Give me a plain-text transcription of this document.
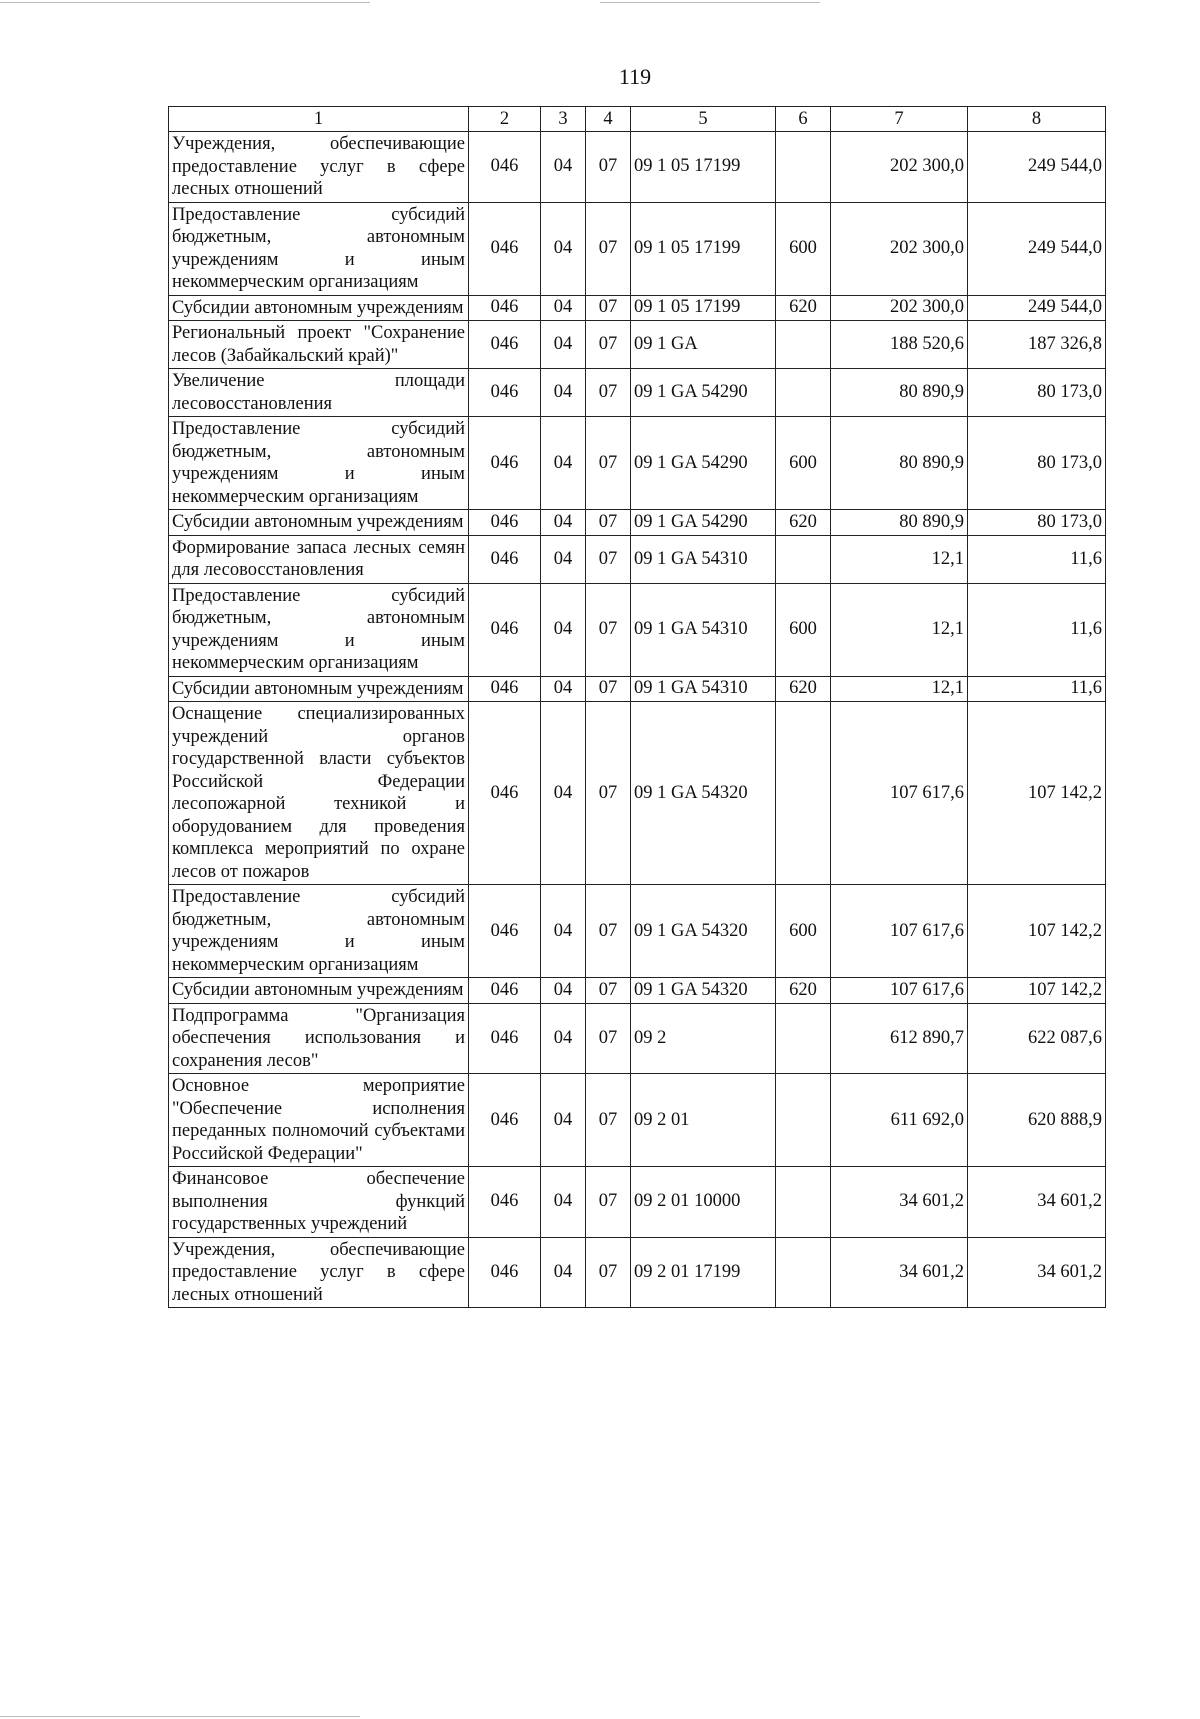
119
1	2	3	4	5	6	7	8
Учреждения, обеспечивающие предоставление услуг в сфере лесных отношений	046	04	07	09 1 05 17199		202 300,0	249 544,0
Предоставление субсидий бюджетным, автономным учреждениям и иным некоммерческим организациям	046	04	07	09 1 05 17199	600	202 300,0	249 544,0
Субсидии автономным учреждениям	046	04	07	09 1 05 17199	620	202 300,0	249 544,0
Региональный проект "Сохранение лесов (Забайкальский край)"	046	04	07	09 1 GA		188 520,6	187 326,8
Увеличение площади лесовосстановления	046	04	07	09 1 GA 54290		80 890,9	80 173,0
Предоставление субсидий бюджетным, автономным учреждениям и иным некоммерческим организациям	046	04	07	09 1 GA 54290	600	80 890,9	80 173,0
Субсидии автономным учреждениям	046	04	07	09 1 GA 54290	620	80 890,9	80 173,0
Формирование запаса лесных семян для лесовосстановления	046	04	07	09 1 GA 54310		12,1	11,6
Предоставление субсидий бюджетным, автономным учреждениям и иным некоммерческим организациям	046	04	07	09 1 GA 54310	600	12,1	11,6
Субсидии автономным учреждениям	046	04	07	09 1 GA 54310	620	12,1	11,6
Оснащение специализированных учреждений органов государственной власти субъектов Российской Федерации лесопожарной техникой и оборудованием для проведения комплекса мероприятий по охране лесов от пожаров	046	04	07	09 1 GA 54320		107 617,6	107 142,2
Предоставление субсидий бюджетным, автономным учреждениям и иным некоммерческим организациям	046	04	07	09 1 GA 54320	600	107 617,6	107 142,2
Субсидии автономным учреждениям	046	04	07	09 1 GA 54320	620	107 617,6	107 142,2
Подпрограмма "Организация обеспечения использования и сохранения лесов"	046	04	07	09 2		612 890,7	622 087,6
Основное мероприятие "Обеспечение исполнения переданных полномочий субъектами Российской Федерации"	046	04	07	09 2 01		611 692,0	620 888,9
Финансовое обеспечение выполнения функций государственных учреждений	046	04	07	09 2 01 10000		34 601,2	34 601,2
Учреждения, обеспечивающие предоставление услуг в сфере лесных отношений	046	04	07	09 2 01 17199		34 601,2	34 601,2
